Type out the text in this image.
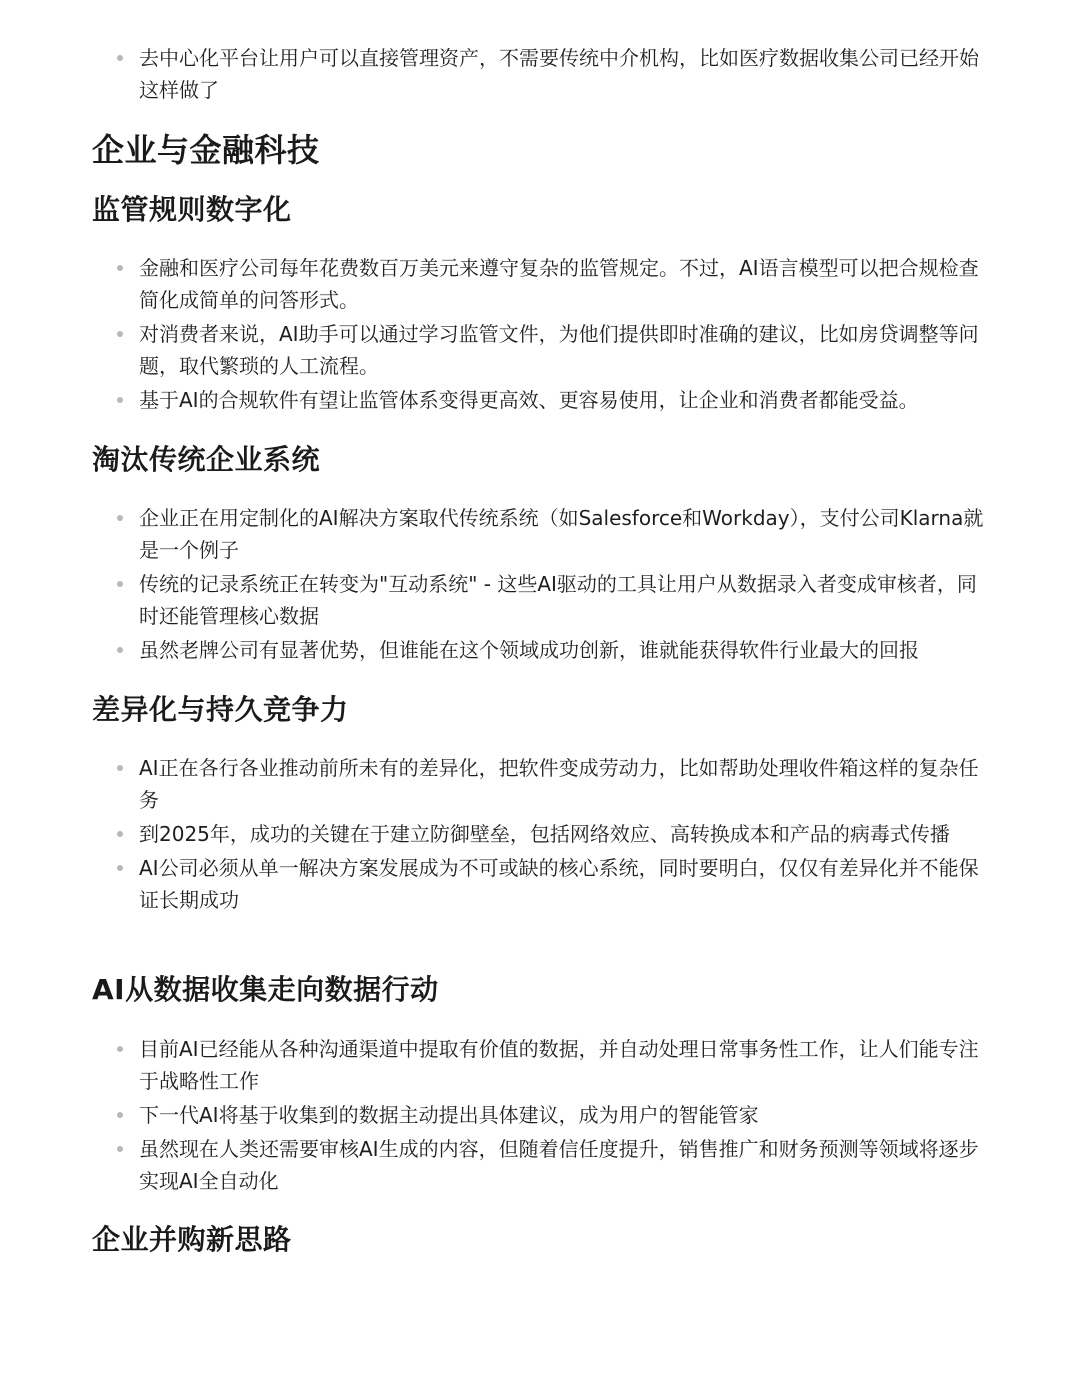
去中心化平台让用户可以直接管理资产，不需要传统中介机构，比如医疗数据收集公司已经开始这样做了
企业与金融科技
监管规则数字化
金融和医疗公司每年花费数百万美元来遵守复杂的监管规定。不过，AI语言模型可以把合规检查简化成简单的问答形式。
对消费者来说，AI助手可以通过学习监管文件，为他们提供即时准确的建议，比如房贷调整等问题，取代繁琐的人工流程。
基于AI的合规软件有望让监管体系变得更高效、更容易使用，让企业和消费者都能受益。
淘汰传统企业系统
企业正在用定制化的AI解决方案取代传统系统（如Salesforce和Workday），支付公司Klarna就是一个例子
传统的记录系统正在转变为"互动系统" - 这些AI驱动的工具让用户从数据录入者变成审核者，同时还能管理核心数据
虽然老牌公司有显著优势，但谁能在这个领域成功创新，谁就能获得软件行业最大的回报
差异化与持久竞争力
AI正在各行各业推动前所未有的差异化，把软件变成劳动力，比如帮助处理收件箱这样的复杂任务
到2025年，成功的关键在于建立防御壁垒，包括网络效应、高转换成本和产品的病毒式传播
AI公司必须从单一解决方案发展成为不可或缺的核心系统，同时要明白，仅仅有差异化并不能保证长期成功
AI从数据收集走向数据行动
目前AI已经能从各种沟通渠道中提取有价值的数据，并自动处理日常事务性工作，让人们能专注于战略性工作
下一代AI将基于收集到的数据主动提出具体建议，成为用户的智能管家
虽然现在人类还需要审核AI生成的内容，但随着信任度提升，销售推广和财务预测等领域将逐步实现AI全自动化
企业并购新思路
